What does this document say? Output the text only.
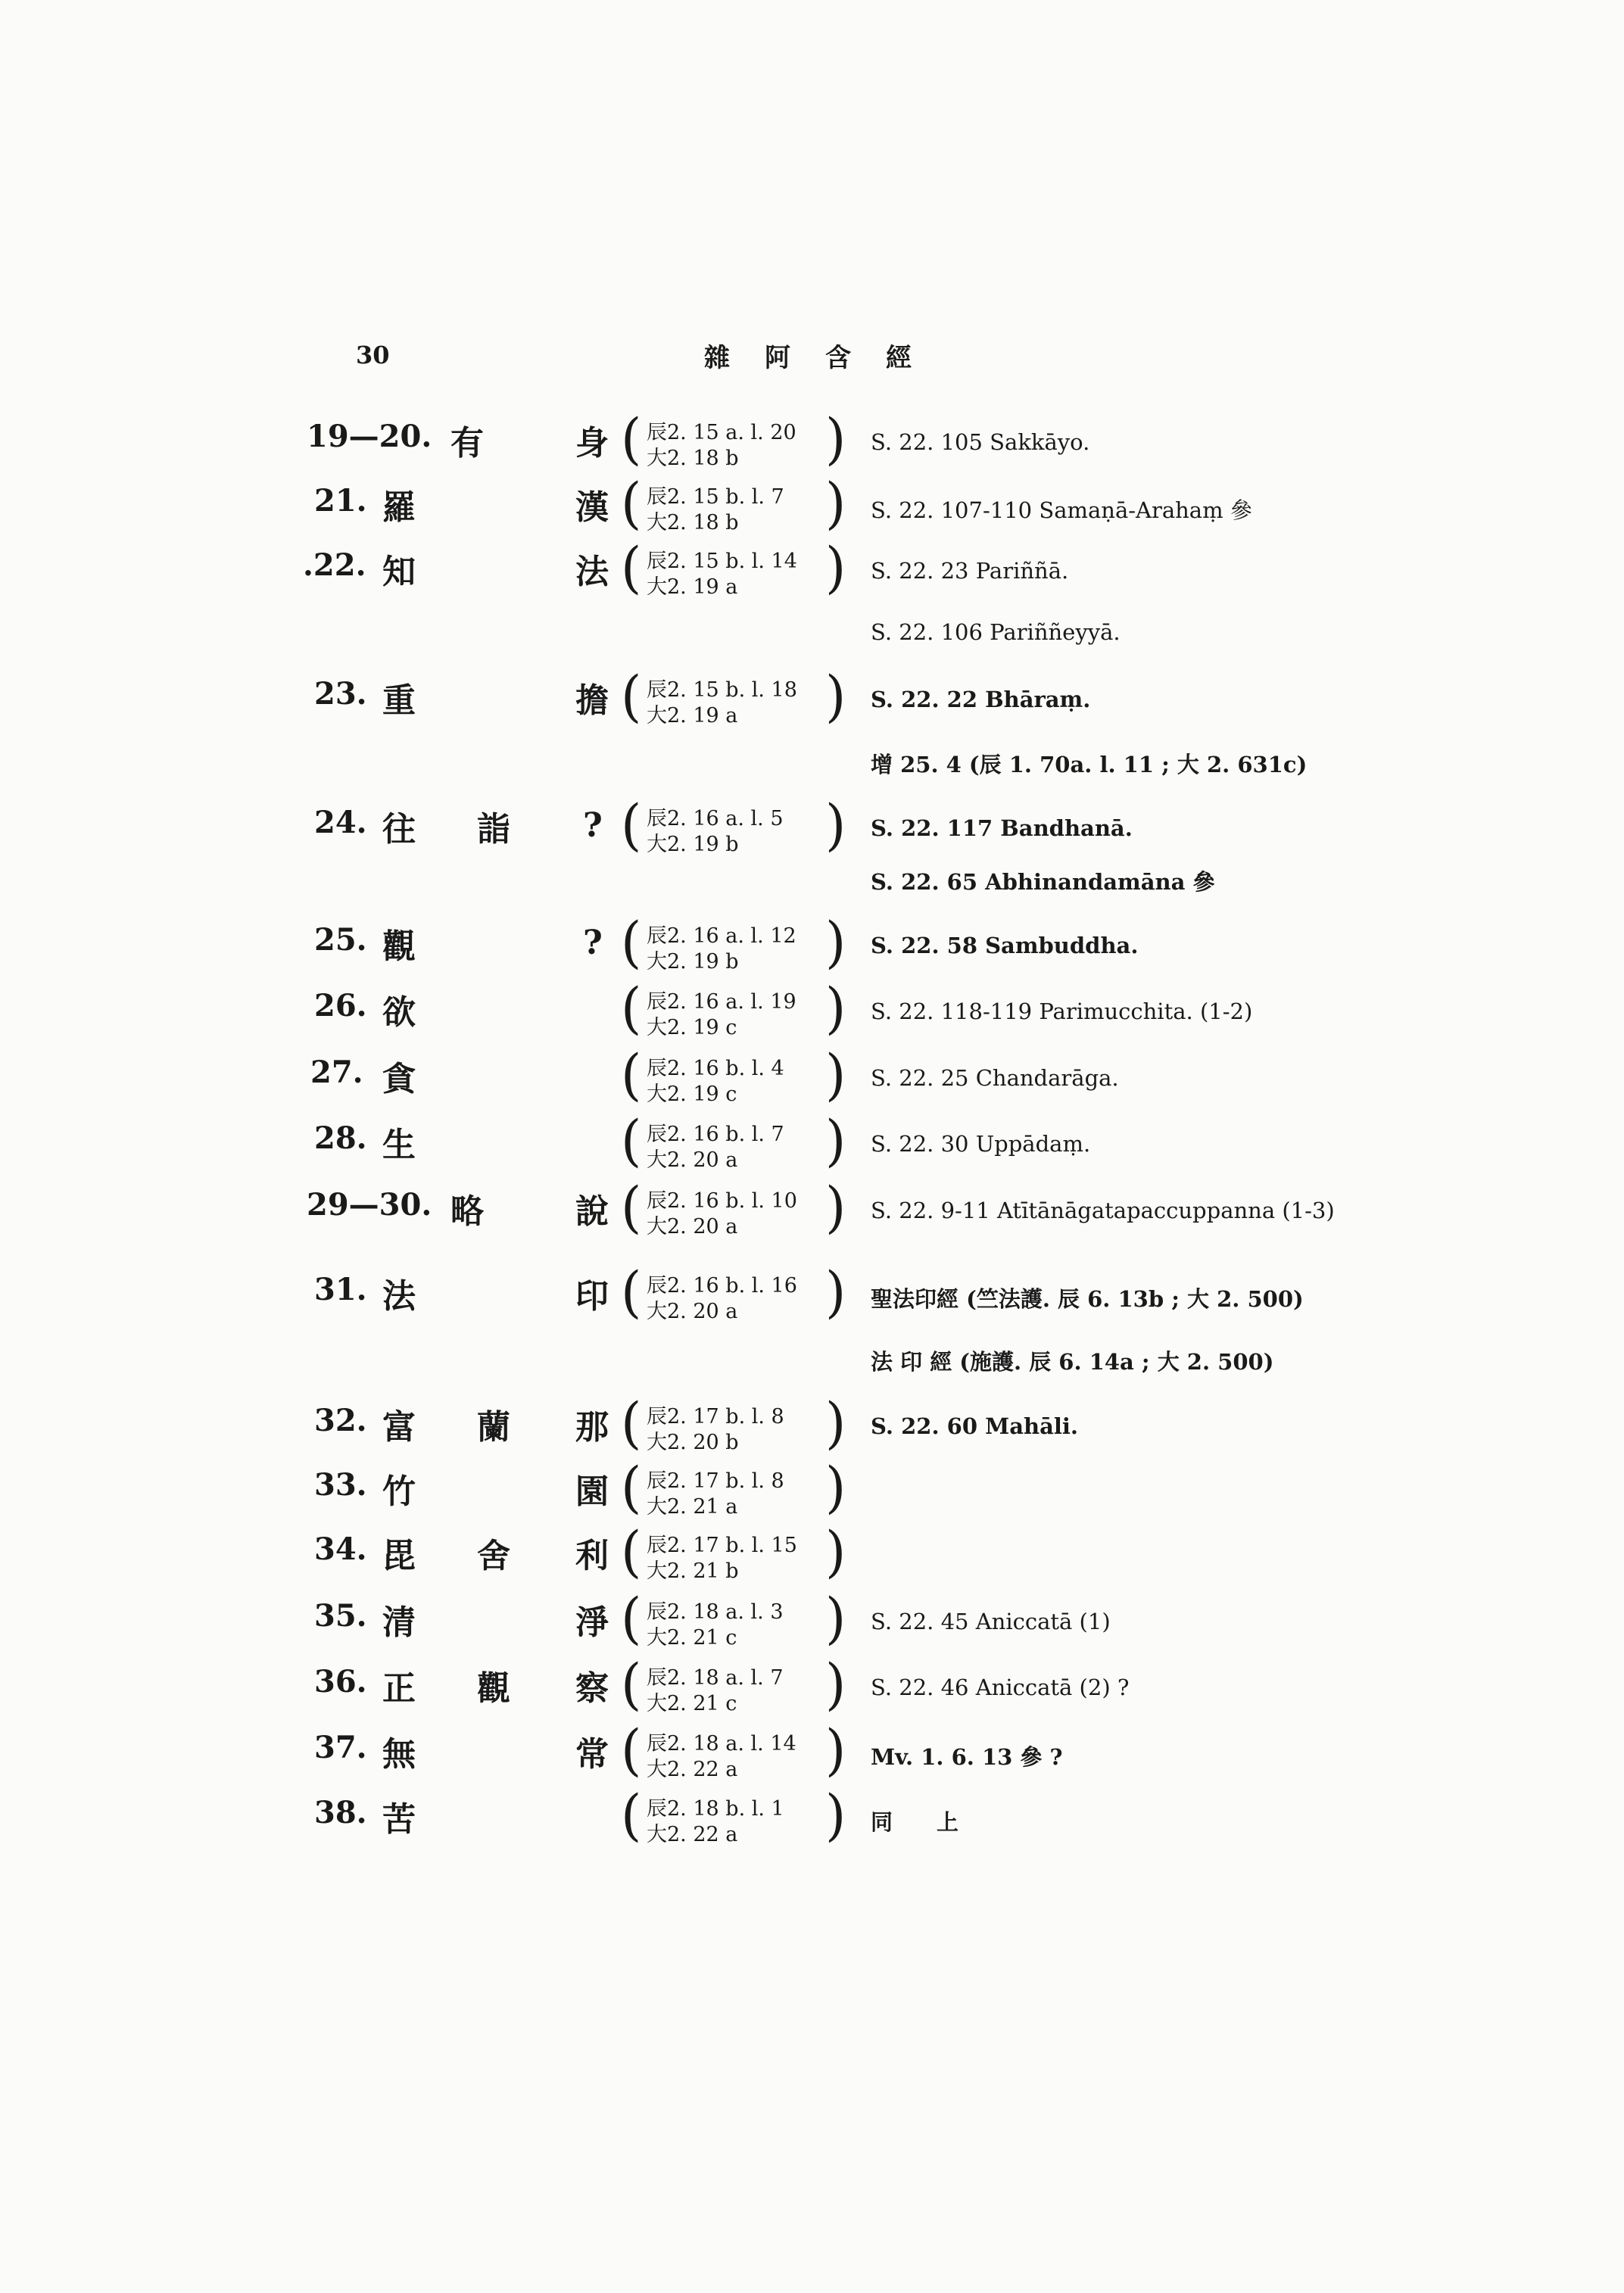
30	雜阿含經
19—20. 有	身 ( 辰2. 15 a. l. 20
大2. 18 b ) S. 22. 105 Sakkāyo.
21. 羅	漢 ( 辰2. 15 b. l. 7
大2. 18 b ) S. 22. 107-110 Samaṇā-Arahaṃ 參
.22. 知	法 ( 辰2. 15 b. l. 14
大2. 19 a ) S. 22. 23 Pariññā.
S. 22. 106 Pariññeyyā.
23. 重	擔 ( 辰2. 15 b. l. 18
大2. 19 a ) S. 22. 22 Bhāraṃ.
增 25. 4 (辰 1. 70a. l. 11 ; 大 2. 631c)
24. 往 詣 ? ( 辰2. 16 a. l. 5
大2. 19 b ) S. 22. 117 Bandhanā.
S. 22. 65 Abhinandamāna 參
25. 觀	? ( 辰2. 16 a. l. 12
大2. 19 b ) S. 22. 58 Sambuddha.
26. 欲	( 辰2. 16 a. l. 19
大2. 19 c ) S. 22. 118-119 Parimucchita. (1-2)
27. 貪	( 辰2. 16 b. l. 4
大2. 19 c ) S. 22. 25 Chandarāga.
28. 生	( 辰2. 16 b. l. 7
大2. 20 a ) S. 22. 30 Uppādaṃ.
29—30. 略	說 ( 辰2. 16 b. l. 10
大2. 20 a ) S. 22. 9-11 Atītānāgatapaccuppanna (1-3)
31. 法	印 ( 辰2. 16 b. l. 16
大2. 20 a ) 聖法印經 (竺法護. 辰 6. 13b ; 大 2. 500)
法 印 經 (施護. 辰 6. 14a ; 大 2. 500)
32. 富 蘭 那 ( 辰2. 17 b. l. 8
大2. 20 b ) S. 22. 60 Mahāli.
33. 竹	園 ( 辰2. 17 b. l. 8
大2. 21 a )
34. 毘 舍 利 ( 辰2. 17 b. l. 15
大2. 21 b )
35. 清	淨 ( 辰2. 18 a. l. 3
大2. 21 c ) S. 22. 45 Aniccatā (1)
36. 正 觀 察 ( 辰2. 18 a. l. 7
大2. 21 c ) S. 22. 46 Aniccatā (2) ?
37. 無	常 ( 辰2. 18 a. l. 14
大2. 22 a ) Mv. 1. 6. 13 參 ?
38. 苦	( 辰2. 18 b. l. 1
大2. 22 a ) 同　　上
